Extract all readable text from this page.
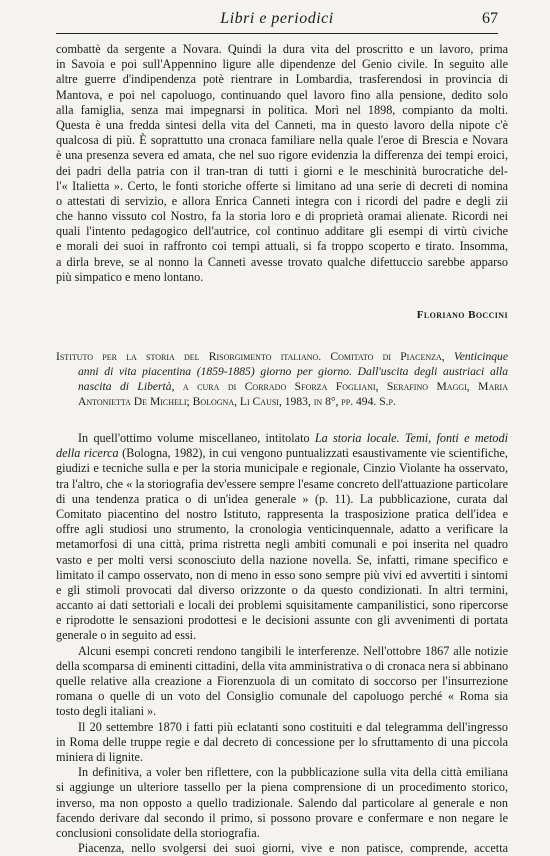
Libri e periodici	67
combattè da sergente a Novara. Quindi la dura vita del proscritto e un lavoro, prima
in Savoia e poi sull'Appennino ligure alle dipendenze del Genio civile. In seguito alle
altre guerre d'indipendenza potè rientrare in Lombardia, trasferendosi in provincia di
Mantova, e poi nel capoluogo, continuando quel lavoro fino alla pensione, dedito solo
alla famiglia, senza mai impegnarsi in politica. Morì nel 1898, compianto da molti.
Questa è una fredda sintesi della vita del Canneti, ma in questo lavoro della nipote c'è
qualcosa di più. È soprattutto una cronaca familiare nella quale l'eroe di Brescia e Novara
è una presenza severa ed amata, che nel suo rigore evidenzia la differenza dei tempi eroici,
dei padri della patria con il tran-tran di tutti i giorni e le meschinità burocratiche del-
l'« Italietta ». Certo, le fonti storiche offerte si limitano ad una serie di decreti di nomina
o attestati di servizio, e allora Enrica Canneti integra con i ricordi del padre e degli zii
che hanno vissuto col Nostro, fa la storia loro e di proprietà oramai alienate. Ricordi nei
quali l'intento pedagogico dell'autrice, col continuo additare gli esempi di virtù civiche
e morali dei suoi in raffronto coi tempi attuali, si fa troppo scoperto e tirato. Insomma,
a dirla breve, se al nonno la Canneti avesse trovato qualche difettuccio sarebbe apparso
più simpatico e meno lontano.
Floriano Boccini
Istituto per la storia del Risorgimento italiano. Comitato di Piacenza, Venticinque
anni di vita piacentina (1859-1885) giorno per giorno. Dall'uscita degli austriaci alla
nascita di Libertà, a cura di Corrado Sforza Fogliani, Serafino Maggi, Maria
Antonietta De Micheli; Bologna, Li Causi, 1983, in 8°, pp. 494. S.p.
In quell'ottimo volume miscellaneo, intitolato La storia locale. Temi, fonti e metodi
della ricerca (Bologna, 1982), in cui vengono puntualizzati esaustivamente vie scientifiche,
giudizi e tecniche sulla e per la storia municipale e regionale, Cinzio Violante ha osservato,
tra l'altro, che « la storiografia dev'essere sempre l'esame concreto dell'attuazione particolare
di una tendenza pratica o di un'idea generale » (p. 11). La pubblicazione, curata dal
Comitato piacentino del nostro Istituto, rappresenta la trasposizione pratica dell'idea e
offre agli studiosi uno strumento, la cronologia venticinquennale, adatto a verificare la
metamorfosi di una città, prima ristretta negli ambiti comunali e poi inserita nel quadro
vasto e per molti versi sconosciuto della nazione novella. Se, infatti, rimane specifico e
limitato il campo osservato, non di meno in esso sono sempre più vivi ed avvertiti i sintomi
e gli stimoli provocati dal diverso orizzonte o da questo condizionati. In altri termini,
accanto ai dati settoriali e locali dei problemi squisitamente campanilistici, sono ripercorse
e riprodotte le sensazioni prodottesi e le decisioni assunte con gli avvenimenti di portata
generale o in seguito ad essi.
Alcuni esempi concreti rendono tangibili le interferenze. Nell'ottobre 1867 alle notizie
della scomparsa di eminenti cittadini, della vita amministrativa o di cronaca nera si abbinano
quelle relative alla creazione a Fiorenzuola di un comitato di soccorso per l'insurrezione
romana o quelle di un voto del Consiglio comunale del capoluogo perché « Roma sia
tosto degli italiani ».
Il 20 settembre 1870 i fatti più eclatanti sono costituiti e dal telegramma dell'ingresso
in Roma delle truppe regie e dal decreto di concessione per lo sfruttamento di una piccola
miniera di lignite.
In definitiva, a voler ben riflettere, con la pubblicazione sulla vita della città emiliana
si aggiunge un ulteriore tassello per la piena comprensione di un procedimento storico,
inverso, ma non opposto a quello tradizionale. Salendo dal particolare al generale e non
facendo derivare dal secondo il primo, si possono provare e confermare e non negare le
conclusioni consolidate della storiografia.
Piacenza, nello svolgersi dei suoi giorni, vive e non patisce, comprende, accetta
